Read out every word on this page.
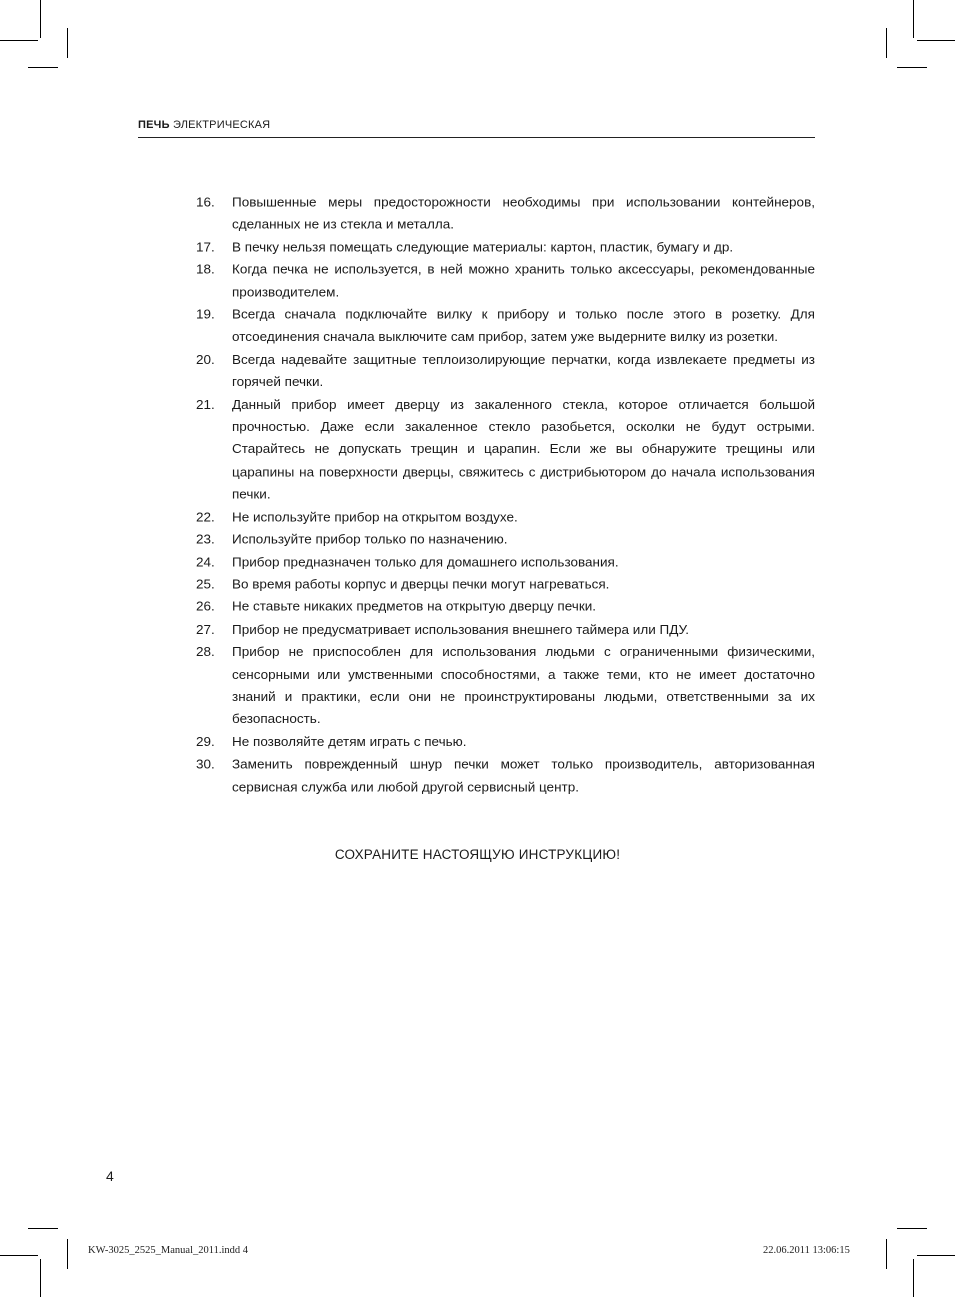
ПЕЧЬ ЭЛЕКТРИЧЕСКАЯ
16.	Повышенные меры предосторожности необходимы при использовании контейнеров, сделанных не из стекла и металла.
17.	В печку нельзя помещать следующие материалы: картон, пластик, бумагу и др.
18.	Когда печка не используется, в ней можно хранить только аксессуары, рекомендованные производителем.
19.	Всегда сначала подключайте вилку к прибору и только после этого в розетку. Для отсоединения сначала выключите сам прибор, затем уже выдерните вилку из розетки.
20.	Всегда надевайте защитные теплоизолирующие перчатки, когда извлекаете предметы из горячей печки.
21.	Данный прибор имеет дверцу из закаленного стекла, которое отличается большой прочностью. Даже если закаленное стекло разобьется, осколки не будут острыми. Старайтесь не допускать трещин и царапин. Если же вы обнаружите трещины или царапины на поверхности дверцы, свяжитесь с дистрибьютором до начала использования печки.
22.	Не используйте прибор на открытом воздухе.
23.	Используйте прибор только по назначению.
24.	Прибор предназначен только для домашнего использования.
25.	Во время работы корпус и дверцы печки могут нагреваться.
26.	Не ставьте никаких предметов на открытую дверцу печки.
27.	Прибор не предусматривает использования внешнего таймера или ПДУ.
28.	Прибор не приспособлен для использования людьми с ограниченными физическими, сенсорными или умственными способностями, а также теми, кто не имеет достаточно знаний и практики, если они не проинструктированы людьми, ответственными за их безопасность.
29.	Не позволяйте детям играть с печью.
30.	Заменить поврежденный шнур печки может только производитель, авторизованная сервисная служба или любой другой сервисный центр.
СОХРАНИТЕ НАСТОЯЩУЮ ИНСТРУКЦИЮ!
4
KW-3025_2525_Manual_2011.indd 4	22.06.2011 13:06:15
